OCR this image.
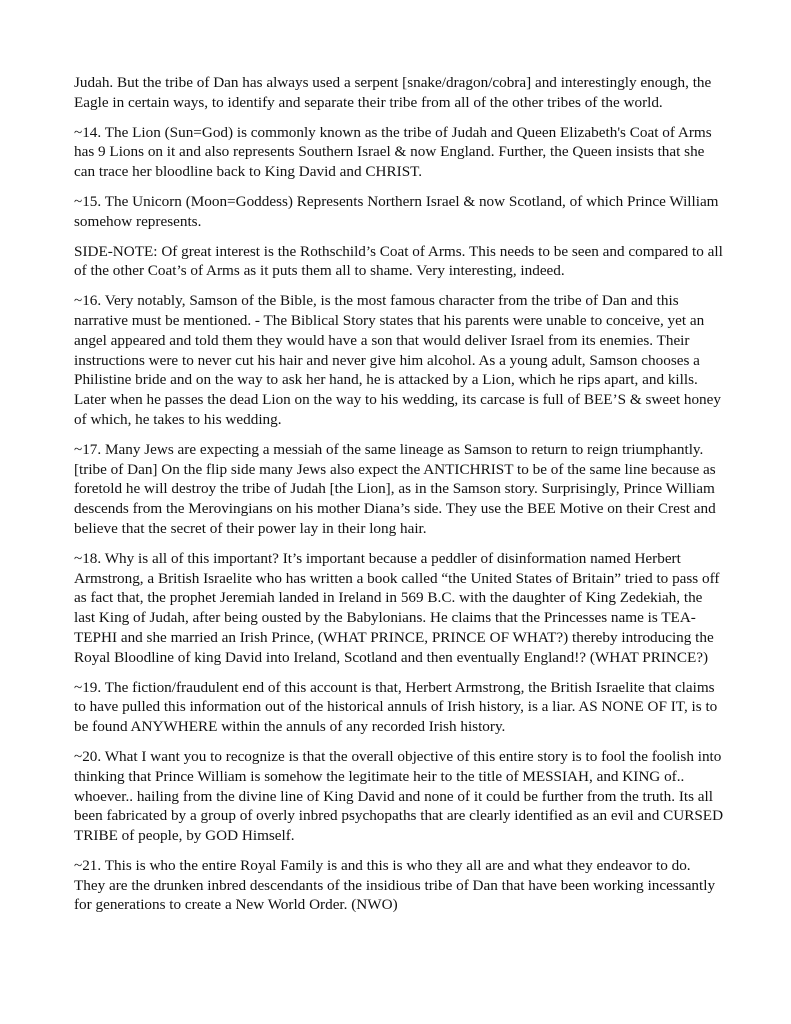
Judah. But the tribe of Dan has always used a serpent [snake/dragon/cobra] and interestingly enough, the Eagle in certain ways, to identify and separate their tribe from all of the other tribes of the world.

~14. The Lion (Sun=God) is commonly known as the tribe of Judah and Queen Elizabeth's Coat of Arms has 9 Lions on it and also represents Southern Israel & now England. Further, the Queen insists that she can trace her bloodline back to King David and CHRIST.

~15. The Unicorn (Moon=Goddess) Represents Northern Israel & now Scotland, of which Prince William somehow represents.

SIDE-NOTE: Of great interest is the Rothschild’s Coat of Arms. This needs to be seen and compared to all of the other Coat’s of Arms as it puts them all to shame. Very interesting, indeed.

~16. Very notably, Samson of the Bible, is the most famous character from the tribe of Dan and this narrative must be mentioned. - The Biblical Story states that his parents were unable to conceive, yet an angel appeared and told them they would have a son that would deliver Israel from its enemies. Their instructions were to never cut his hair and never give him alcohol. As a young adult, Samson chooses a Philistine bride and on the way to ask her hand, he is attacked by a Lion, which he rips apart, and kills. Later when he passes the dead Lion on the way to his wedding, its carcase is full of BEE’S & sweet honey of which, he takes to his wedding.

~17. Many Jews are expecting a messiah of the same lineage as Samson to return to reign triumphantly. [tribe of Dan] On the flip side many Jews also expect the ANTICHRIST to be of the same line because as foretold he will destroy the tribe of Judah [the Lion], as in the Samson story. Surprisingly, Prince William descends from the Merovingians on his mother Diana’s side. They use the BEE Motive on their Crest and believe that the secret of their power lay in their long hair.

~18. Why is all of this important? It’s important because a peddler of disinformation named Herbert Armstrong, a British Israelite who has written a book called “the United States of Britain” tried to pass off as fact that, the prophet Jeremiah landed in Ireland in 569 B.C. with the daughter of King Zedekiah, the last King of Judah, after being ousted by the Babylonians. He claims that the Princesses name is TEA-TEPHI and she married an Irish Prince, (WHAT PRINCE, PRINCE OF WHAT?) thereby introducing the Royal Bloodline of king David into Ireland, Scotland and then eventually England!? (WHAT PRINCE?)

~19. The fiction/fraudulent end of this account is that, Herbert Armstrong, the British Israelite that claims to have pulled this information out of the historical annuls of Irish history, is a liar. AS NONE OF IT, is to be found ANYWHERE within the annuls of any recorded Irish history.

~20. What I want you to recognize is that the overall objective of this entire story is to fool the foolish into thinking that Prince William is somehow the legitimate heir to the title of MESSIAH, and KING of.. whoever.. hailing from the divine line of King David and none of it could be further from the truth. Its all been fabricated by a group of overly inbred psychopaths that are clearly identified as an evil and CURSED TRIBE of people, by GOD Himself.

~21. This is who the entire Royal Family is and this is who they all are and what they endeavor to do. They are the drunken inbred descendants of the insidious tribe of Dan that have been working incessantly for generations to create a New World Order. (NWO)
